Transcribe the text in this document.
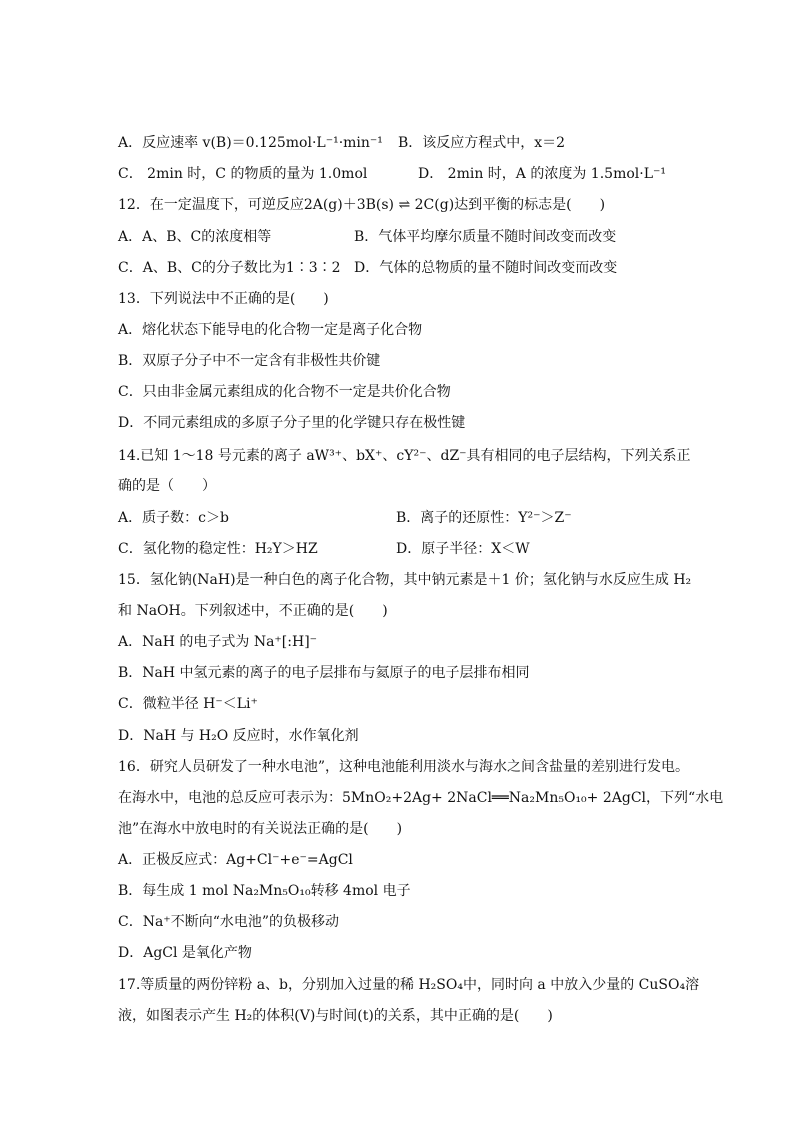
A．反应速率 v(B)＝0.125mol·L⁻¹·min⁻¹ B．该反应方程式中，x＝2
C． 2min 时，C 的物质的量为 1.0mol	D． 2min 时，A 的浓度为 1.5mol·L⁻¹
12．在一定温度下，可逆反应2A(g)＋3B(s) ⇌ 2C(g)达到平衡的标志是(　　)
A．A、B、C的浓度相等	B．气体平均摩尔质量不随时间改变而改变
C．A、B、C的分子数比为1∶3∶2 D．气体的总物质的量不随时间改变而改变
13．下列说法中不正确的是(　　)
A．熔化状态下能导电的化合物一定是离子化合物
B．双原子分子中不一定含有非极性共价键
C．只由非金属元素组成的化合物不一定是共价化合物
D．不同元素组成的多原子分子里的化学键只存在极性键
14.已知 1～18 号元素的离子 aW³⁺、bX⁺、cY²⁻、dZ⁻具有相同的电子层结构，下列关系正
确的是（　　）
A．质子数：c＞b	B．离子的还原性：Y²⁻＞Z⁻
C．氢化物的稳定性：H₂Y＞HZ	D．原子半径：X＜W
15．氢化钠(NaH)是一种白色的离子化合物，其中钠元素是＋1 价；氢化钠与水反应生成 H₂
和 NaOH。下列叙述中，不正确的是(　　)
A．NaH 的电子式为 Na⁺[:H]⁻
B．NaH 中氢元素的离子的电子层排布与氦原子的电子层排布相同
C．微粒半径 H⁻＜Li⁺
D．NaH 与 H₂O 反应时，水作氧化剂
16．研究人员研发了一种水电池”，这种电池能利用淡水与海水之间含盐量的差别进行发电。
在海水中，电池的总反应可表示为：5MnO₂+2Ag+ 2NaCl══Na₂Mn₅O₁₀+ 2AgCl，下列“水电
池”在海水中放电时的有关说法正确的是(　　)
A．正极反应式：Ag+Cl⁻+e⁻=AgCl
B．每生成 1 mol Na₂Mn₅O₁₀转移 4mol 电子
C．Na⁺不断向“水电池”的负极移动
D．AgCl 是氧化产物
17.等质量的两份锌粉 a、b，分别加入过量的稀 H₂SO₄中，同时向 a 中放入少量的 CuSO₄溶
液，如图表示产生 H₂的体积(V)与时间(t)的关系，其中正确的是(　　)
